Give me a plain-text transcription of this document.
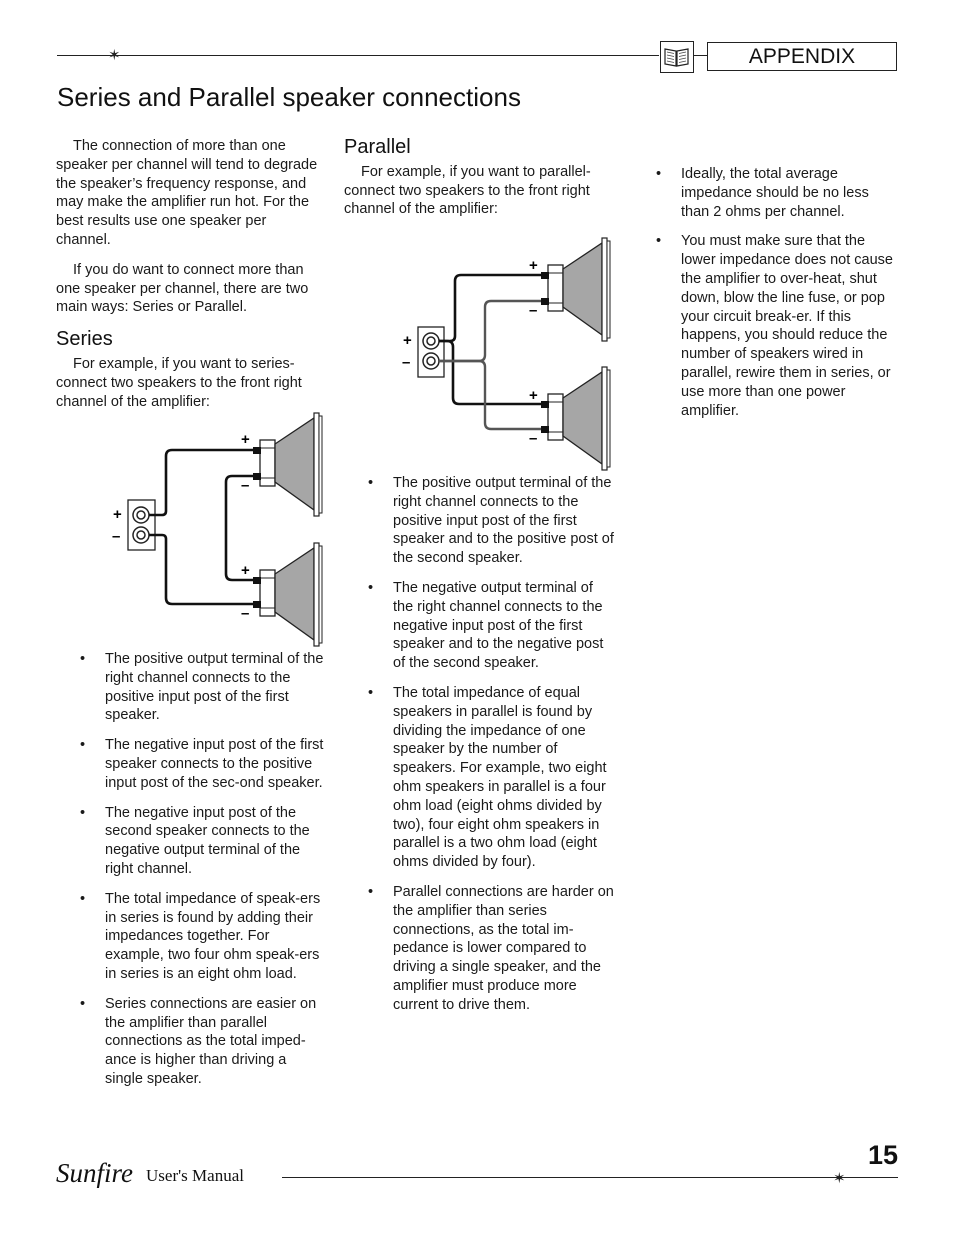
✶	APPENDIX
Series and Parallel speaker connections

The connection of more than one speaker per channel will tend to degrade the speaker’s frequency response, and may make the amplifier run hot. For the best results use one speaker per channel.

If you do want to connect more than one speaker per channel, there are two main ways: Series or Parallel.

Series

For example, if you want to series-connect two speakers to the front right channel of the amplifier:

+
–
+
–
+
–
• The positive output terminal of the right channel connects to the positive input post of the first speaker.
• The negative input post of the first speaker connects to the positive input post of the sec-ond speaker.
• The negative input post of the second speaker connects to the negative output terminal of the right channel.
• The total impedance of speak-ers in series is found by adding their impedances together. For example, two four ohm speak-ers in series is an eight ohm load.
• Series connections are easier on the amplifier than parallel connections as the total imped-ance is higher than driving a single speaker.
Parallel

For example, if you want to parallel-connect two speakers to the front right channel of the amplifier:

+
–
+
–
+
–
• The positive output terminal of the right channel connects to the positive input post of the first speaker and to the positive post of the second speaker.
• The negative output terminal of the right channel connects to the negative input post of the first speaker and to the negative post of the second speaker.
• The total impedance of equal speakers in parallel is found by dividing the impedance of one speaker by the number of speakers. For example, two eight ohm speakers in parallel is a four ohm load (eight ohms divided by two), four eight ohm speakers in parallel is a two ohm load (eight ohms divided by four).
• Parallel connections are harder on the amplifier than series connections, as the total im-pedance is lower compared to driving a single speaker, and the amplifier must produce more current to drive them.
• Ideally, the total average impedance should be no less than 2 ohms per channel.
• You must make sure that the lower impedance does not cause the amplifier to over-heat, shut down, blow the line fuse, or pop your circuit break-er. If this happens, you should reduce the number of speakers wired in parallel, rewire them in series, or use more than one power amplifier.
15
Sunfire User's Manual	✶
